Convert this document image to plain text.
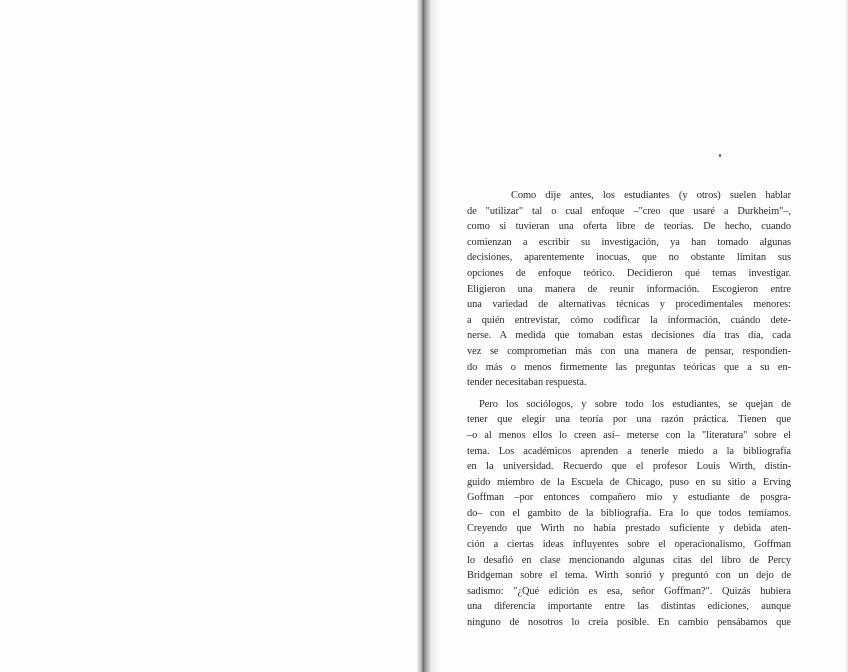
Como dije antes, los estudiantes (y otros) suelen hablar
de "utilizar" tal o cual enfoque –"creo que usaré a Durkheim"–,
como si tuvieran una oferta libre de teorías. De hecho, cuando
comienzan a escribir su investigación, ya han tomado algunas
decisiones, aparentemente inocuas, que no obstante limitan sus
opciones de enfoque teórico. Decidieron qué temas investigar.
Eligieron una manera de reunir información. Escogieron entre
una variedad de alternativas técnicas y procedimentales menores:
a quién entrevistar, cómo codificar la información, cuándo dete-
nerse. A medida que tomaban estas decisiones día tras día, cada
vez se comprometían más con una manera de pensar, respondien-
do más o menos firmemente las preguntas teóricas que a su en-
tender necesitaban respuesta.
Pero los sociólogos, y sobre todo los estudiantes, se quejan de
tener que elegir una teoría por una razón práctica. Tienen que
–o al menos ellos lo creen así– meterse con la "literatura" sobre el
tema. Los académicos aprenden a tenerle miedo a la bibliografía
en la universidad. Recuerdo que el profesor Louis Wirth, distin-
guido miembro de la Escuela de Chicago, puso en su sitio a Erving
Goffman –por entonces compañero mío y estudiante de posgra-
do– con el gambito de la bibliografía. Era lo que todos temíamos.
Creyendo que Wirth no había prestado suficiente y debida aten-
ción a ciertas ideas influyentes sobre el operacionalismo, Goffman
lo desafió en clase mencionando algunas citas del libro de Percy
Bridgeman sobre el tema. Wirth sonrió y preguntó con un dejo de
sadismo: "¿Qué edición es esa, señor Goffman?". Quizás hubiera
una diferencia importante entre las distintas ediciones, aunque
ninguno de nosotros lo creía posible. En cambio pensábamos que
